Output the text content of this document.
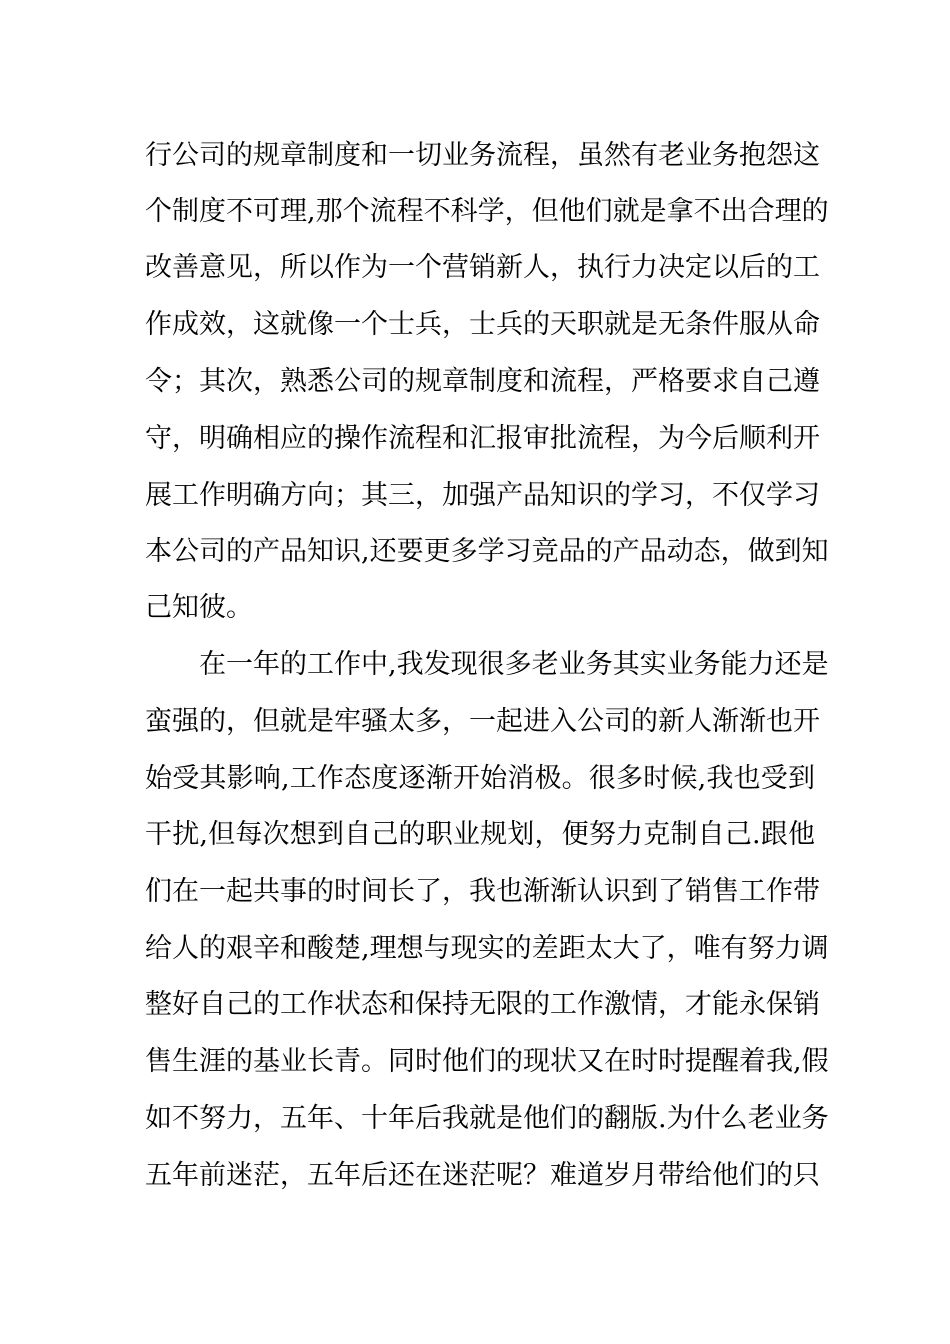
行公司的规章制度和一切业务流程，虽然有老业务抱怨这
个制度不可理,那个流程不科学，但他们就是拿不出合理的
改善意见，所以作为一个营销新人，执行力决定以后的工
作成效，这就像一个士兵，士兵的天职就是无条件服从命
令；其次，熟悉公司的规章制度和流程，严格要求自己遵
守，明确相应的操作流程和汇报审批流程，为今后顺利开
展工作明确方向；其三，加强产品知识的学习，不仅学习
本公司的产品知识,还要更多学习竞品的产品动态，做到知
己知彼。
在一年的工作中,我发现很多老业务其实业务能力还是
蛮强的，但就是牢骚太多，一起进入公司的新人渐渐也开
始受其影响,工作态度逐渐开始消极。很多时候,我也受到
干扰,但每次想到自己的职业规划，便努力克制自己.跟他
们在一起共事的时间长了，我也渐渐认识到了销售工作带
给人的艰辛和酸楚,理想与现实的差距太大了，唯有努力调
整好自己的工作状态和保持无限的工作激情，才能永保销
售生涯的基业长青。同时他们的现状又在时时提醒着我,假
如不努力，五年、十年后我就是他们的翻版.为什么老业务
五年前迷茫，五年后还在迷茫呢？难道岁月带给他们的只
